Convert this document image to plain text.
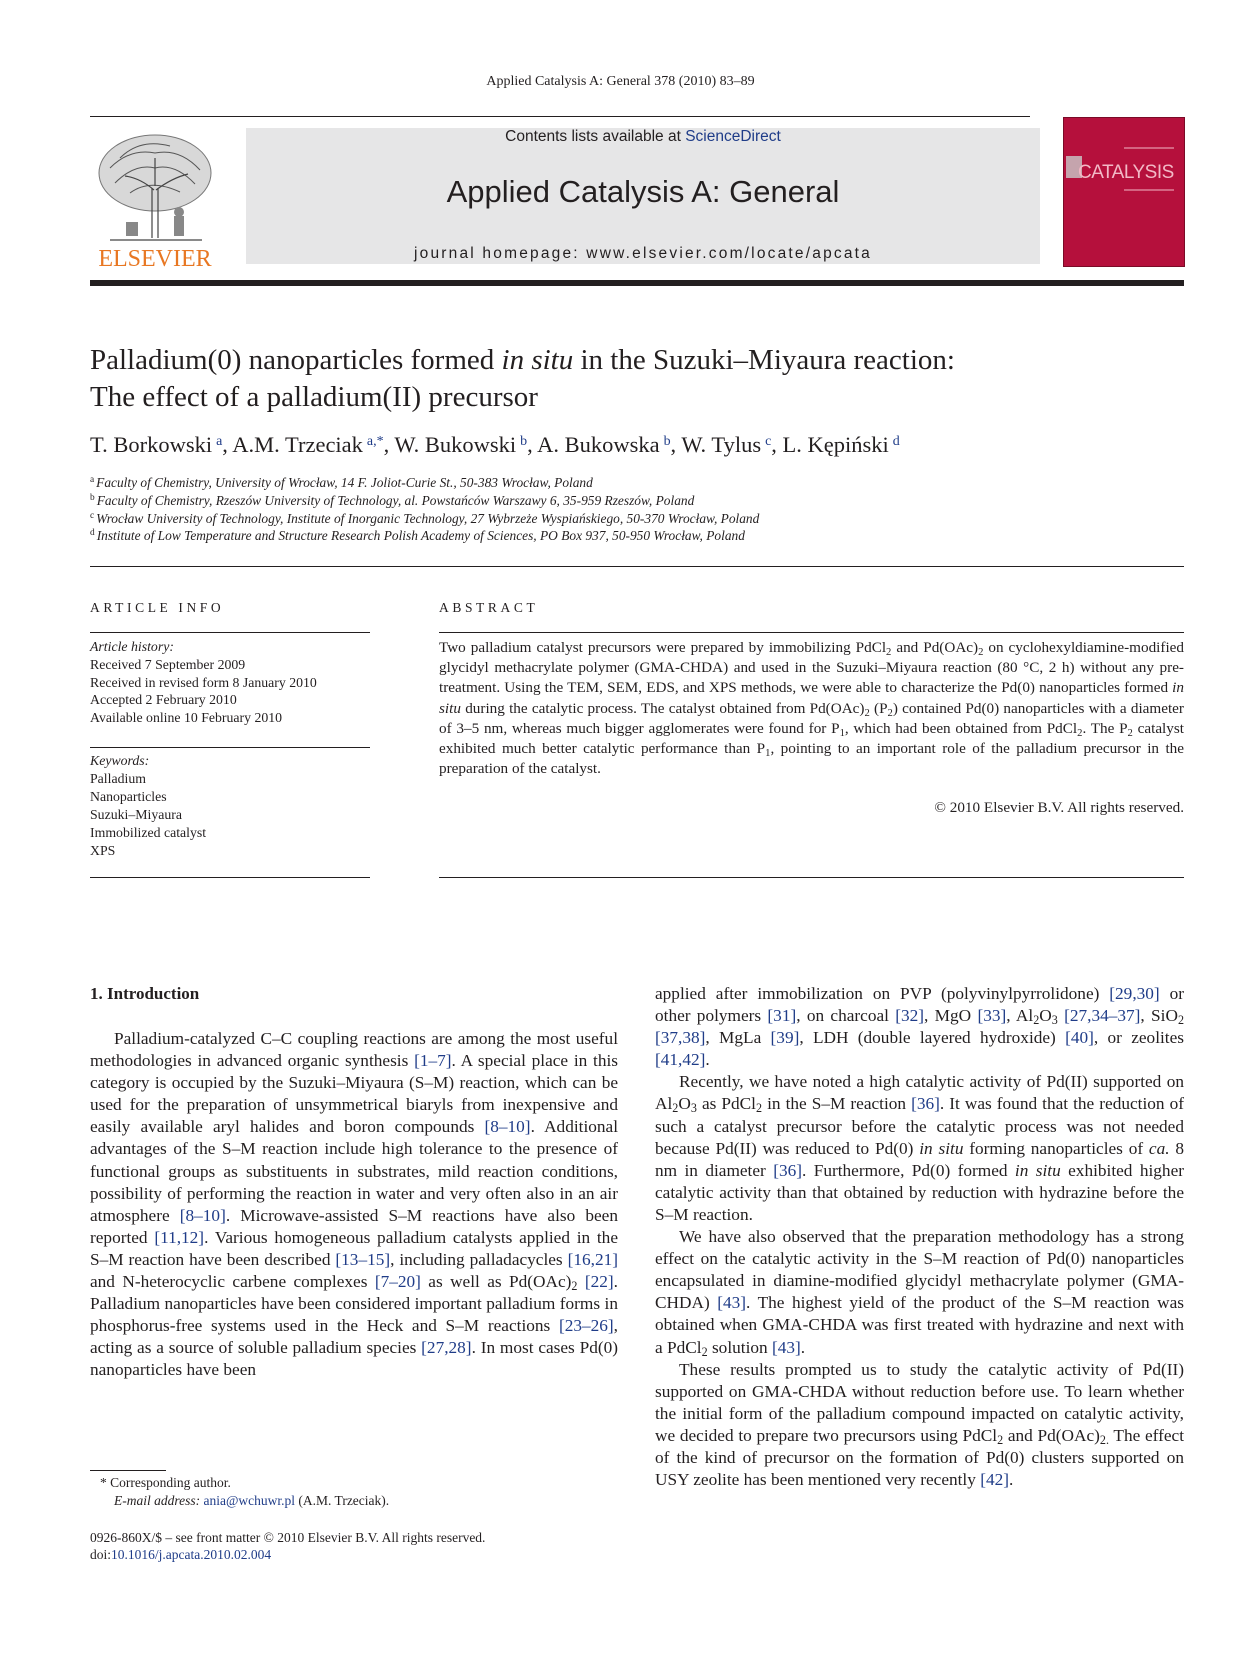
Applied Catalysis A: General 378 (2010) 83–89
ELSEVIER
Contents lists available at ScienceDirect
Applied Catalysis A: General
journal homepage: www.elsevier.com/locate/apcata
CATALYSIS
Palladium(0) nanoparticles formed in situ in the Suzuki–Miyaura reaction:
The effect of a palladium(II) precursor
T. Borkowski $^a$, A.M. Trzeciak $^{a,*}$, W. Bukowski $^b$, A. Bukowska $^b$, W. Tylus $^c$, L. Kępiński $^d$
$^a$ Faculty of Chemistry, University of Wrocław, 14 F. Joliot-Curie St., 50-383 Wrocław, Poland
$^b$ Faculty of Chemistry, Rzeszów University of Technology, al. Powstańców Warszawy 6, 35-959 Rzeszów, Poland
$^c$ Wrocław University of Technology, Institute of Inorganic Technology, 27 Wybrzeże Wyspiańskiego, 50-370 Wrocław, Poland
$^d$ Institute of Low Temperature and Structure Research Polish Academy of Sciences, PO Box 937, 50-950 Wrocław, Poland
ARTICLE INFO	ABSTRACT
Article history:
Received 7 September 2009
Received in revised form 8 January 2010
Accepted 2 February 2010
Available online 10 February 2010
Keywords:
Palladium
Nanoparticles
Suzuki–Miyaura
Immobilized catalyst
XPS
Two palladium catalyst precursors were prepared by immobilizing PdCl$_2$ and $Pd(OAc)_2$ on cyclohexyldiamine-modified glycidyl methacrylate polymer (GMA-CHDA) and used in the Suzuki–Miyaura reaction (80 °C, 2 h) without any pre-treatment. Using the TEM, SEM, EDS, and XPS methods, we were able to characterize the Pd(0) nanoparticles formed in situ during the catalytic process. The catalyst obtained from $Pd(OAc)_2$ $(P_2)$ contained Pd(0) nanoparticles with a diameter of 3–5 nm, whereas much bigger agglomerates were found for $P_1$, which had been obtained from PdCl$_2$. The $P_2$ catalyst exhibited much better catalytic performance than $P_1$, pointing to an important role of the palladium precursor in the preparation of the catalyst.
© 2010 Elsevier B.V. All rights reserved.
1. Introduction

Palladium-catalyzed C–C coupling reactions are among the most useful methodologies in advanced organic synthesis [1–7]. A special place in this category is occupied by the Suzuki–Miyaura (S–M) reaction, which can be used for the preparation of unsymmetrical biaryls from inexpensive and easily available aryl halides and boron compounds [8–10]. Additional advantages of the S–M reaction include high tolerance to the presence of functional groups as substituents in substrates, mild reaction conditions, possibility of performing the reaction in water and very often also in an air atmosphere [8–10]. Microwave-assisted S–M reactions have also been reported [11,12]. Various homogeneous palladium catalysts applied in the S–M reaction have been described [13–15], including palladacycles [16,21] and N-heterocyclic carbene complexes [7–20] as well as $Pd(OAc)_2$ [22]. Palladium nanoparticles have been considered important palladium forms in phosphorus-free systems used in the Heck and S–M reactions [23–26], acting as a source of soluble palladium species [27,28]. In most cases Pd(0) nanoparticles have been

applied after immobilization on PVP (polyvinylpyrrolidone) [29,30] or other polymers [31], on charcoal [32], MgO [33], $Al_2O_3$ [27,34–37], SiO$_2$ [37,38], MgLa [39], LDH (double layered hydroxide) [40], or zeolites [41,42].

Recently, we have noted a high catalytic activity of Pd(II) supported on $Al_2O_3$ as PdCl$_2$ in the S–M reaction [36]. It was found that the reduction of such a catalyst precursor before the catalytic process was not needed because Pd(II) was reduced to Pd(0) in situ forming nanoparticles of ca. 8 nm in diameter [36]. Furthermore, Pd(0) formed in situ exhibited higher catalytic activity than that obtained by reduction with hydrazine before the S–M reaction.

We have also observed that the preparation methodology has a strong effect on the catalytic activity in the S–M reaction of Pd(0) nanoparticles encapsulated in diamine-modified glycidyl methacrylate polymer (GMA-CHDA) [43]. The highest yield of the product of the S–M reaction was obtained when GMA-CHDA was first treated with hydrazine and next with a PdCl$_2$ solution [43].

These results prompted us to study the catalytic activity of Pd(II) supported on GMA-CHDA without reduction before use. To learn whether the initial form of the palladium compound impacted on catalytic activity, we decided to prepare two precursors using PdCl$_2$ and $Pd(OAc)_{2.}$ The effect of the kind of precursor on the formation of Pd(0) clusters supported on USY zeolite has been mentioned very recently [42].

* Corresponding author.
E-mail address: ania@wchuwr.pl (A.M. Trzeciak).
0926-860X/$ – see front matter © 2010 Elsevier B.V. All rights reserved.
doi:10.1016/j.apcata.2010.02.004
